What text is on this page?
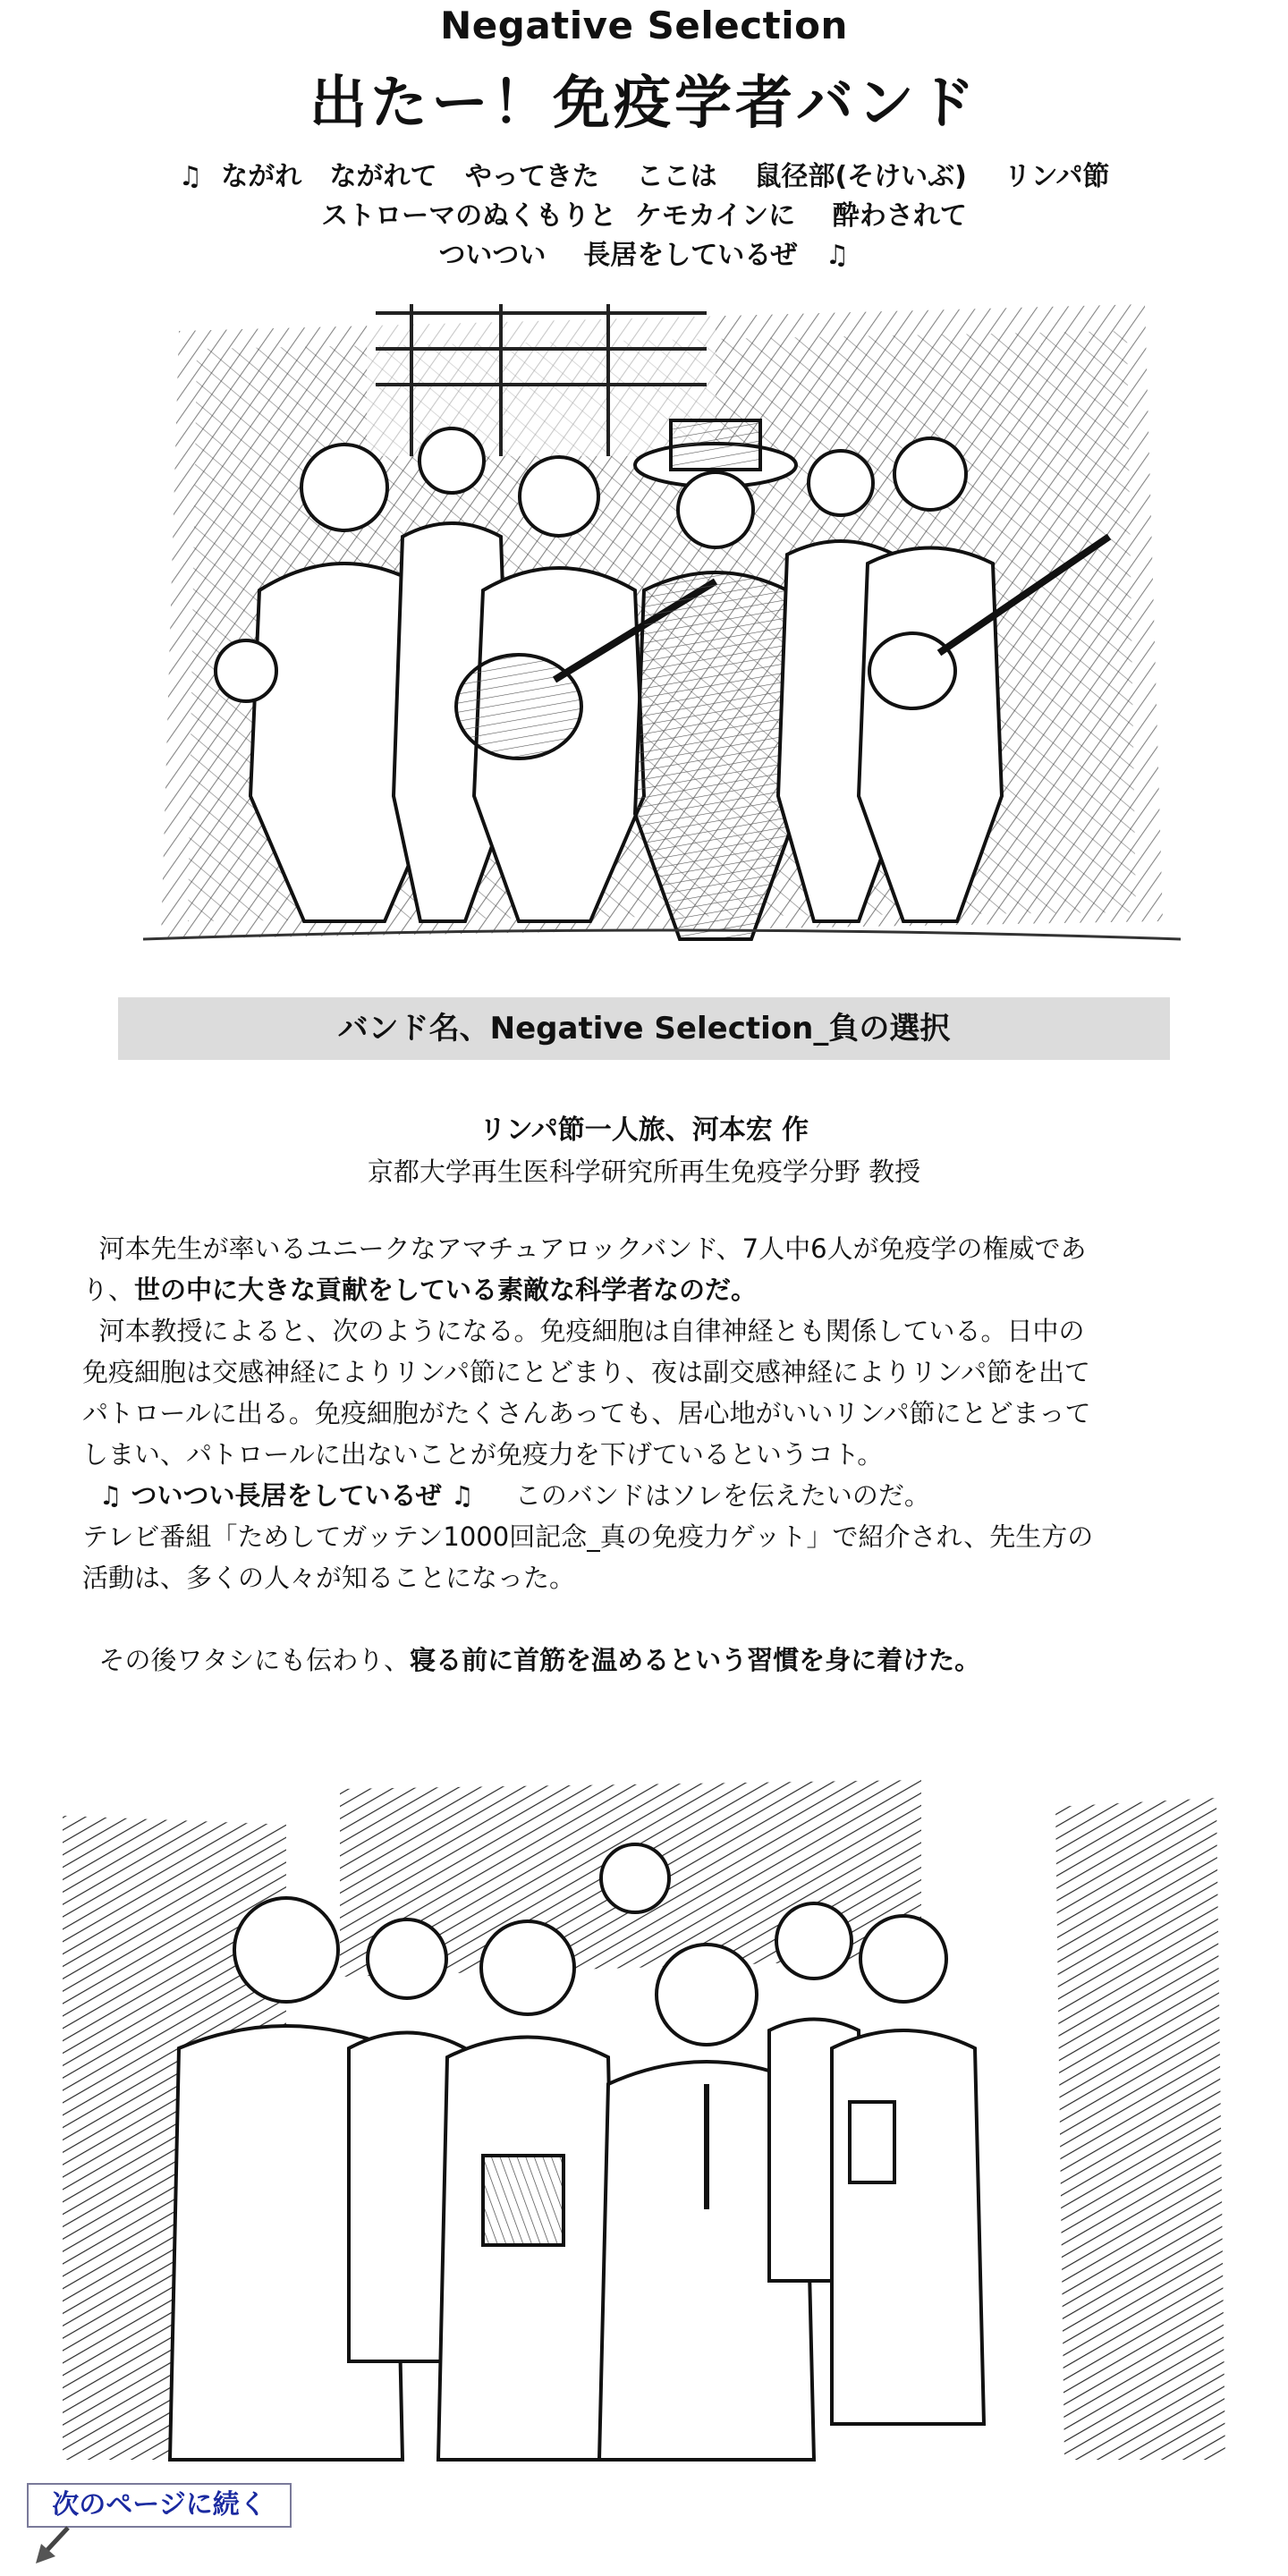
Negative Selection
出たー！免疫学者バンド
♫  ながれ   ながれて   やってきた    ここは    鼠径部(そけいぶ)    リンパ節
ストローマのぬくもりと  ケモカインに    酔わされて
ついつい    長居をしているぜ   ♫
バンド名、Negative Selection_負の選択
リンパ節一人旅、河本宏 作
京都大学再生医科学研究所再生免疫学分野 教授
河本先生が率いるユニークなアマチュアロックバンド、7人中6人が免疫学の権威であ
り、世の中に大きな貢献をしている素敵な科学者なのだ。
河本教授によると、次のようになる。免疫細胞は自律神経とも関係している。日中の
免疫細胞は交感神経によりリンパ節にとどまり、夜は副交感神経によりリンパ節を出て
パトロールに出る。免疫細胞がたくさんあっても、居心地がいいリンパ節にとどまって
しまい、パトロールに出ないことが免疫力を下げているというコト。
♫ ついつい長居をしているぜ ♫ このバンドはソレを伝えたいのだ。
テレビ番組「ためしてガッテン1000回記念_真の免疫力ゲット」で紹介され、先生方の
活動は、多くの人々が知ることになった。

その後ワタシにも伝わり、寝る前に首筋を温めるという習慣を身に着けた。
次のページに続く
